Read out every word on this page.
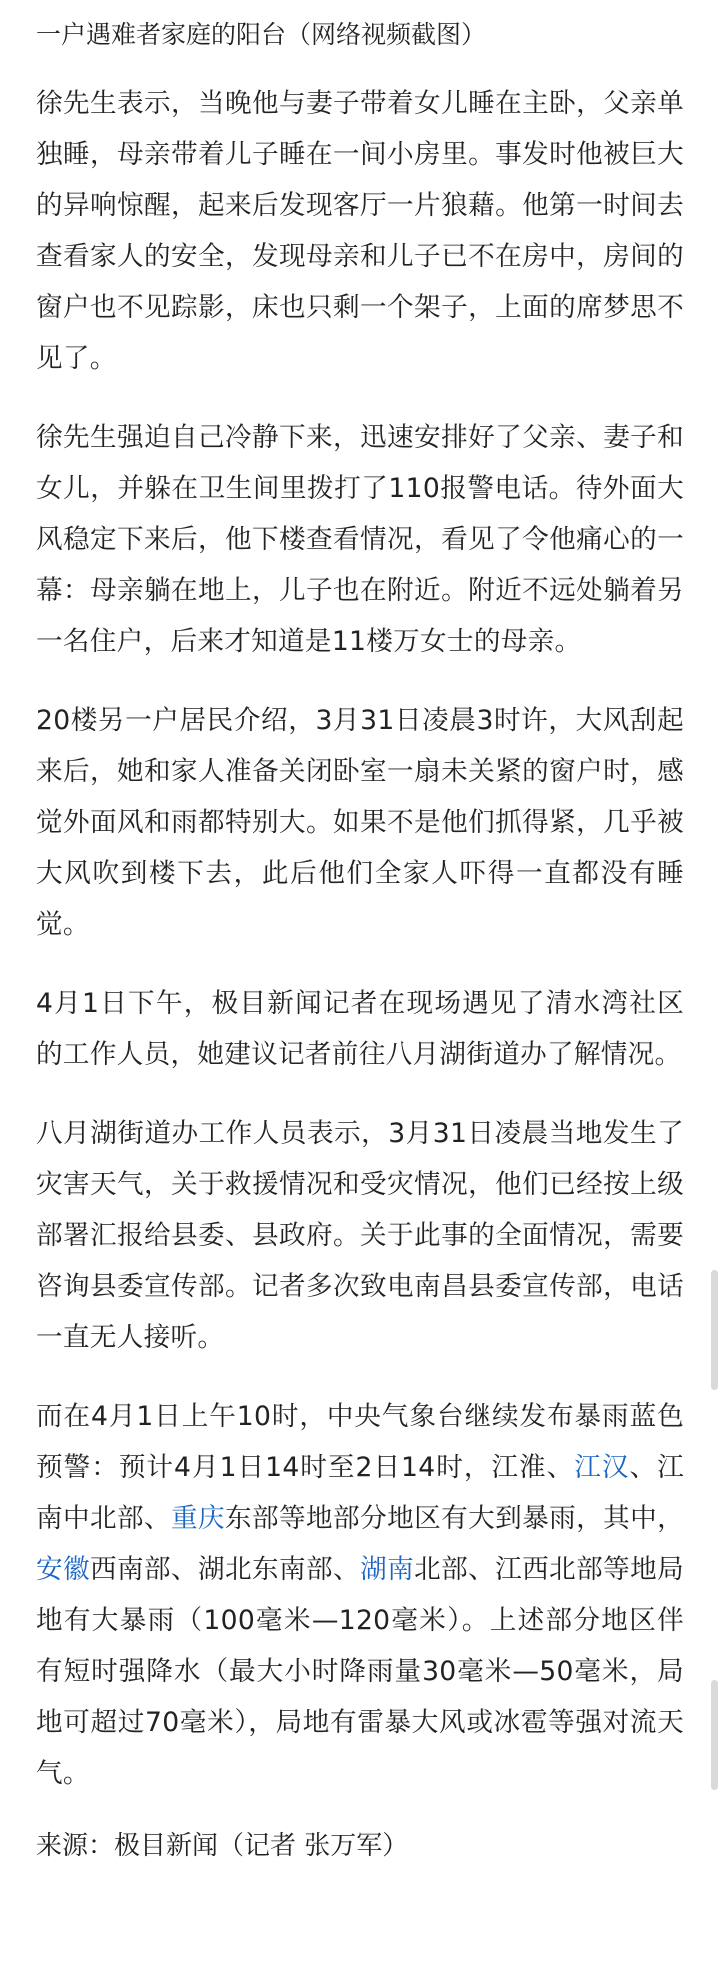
一户遇难者家庭的阳台（网络视频截图）

徐先生表示，当晚他与妻子带着女儿睡在主卧，父亲单独睡，母亲带着儿子睡在一间小房里。事发时他被巨大的异响惊醒，起来后发现客厅一片狼藉。他第一时间去查看家人的安全，发现母亲和儿子已不在房中，房间的窗户也不见踪影，床也只剩一个架子，上面的席梦思不见了。

徐先生强迫自己冷静下来，迅速安排好了父亲、妻子和女儿，并躲在卫生间里拨打了110报警电话。待外面大风稳定下来后，他下楼查看情况，看见了令他痛心的一幕：母亲躺在地上，儿子也在附近。附近不远处躺着另一名住户，后来才知道是11楼万女士的母亲。

20楼另一户居民介绍，3月31日凌晨3时许，大风刮起来后，她和家人准备关闭卧室一扇未关紧的窗户时，感觉外面风和雨都特别大。如果不是他们抓得紧，几乎被大风吹到楼下去，此后他们全家人吓得一直都没有睡觉。

4月1日下午，极目新闻记者在现场遇见了清水湾社区的工作人员，她建议记者前往八月湖街道办了解情况。

八月湖街道办工作人员表示，3月31日凌晨当地发生了灾害天气，关于救援情况和受灾情况，他们已经按上级部署汇报给县委、县政府。关于此事的全面情况，需要咨询县委宣传部。记者多次致电南昌县委宣传部，电话一直无人接听。

而在4月1日上午10时，中央气象台继续发布暴雨蓝色预警：预计4月1日14时至2日14时，江淮、江汉、江南中北部、重庆东部等地部分地区有大到暴雨，其中，安徽西南部、湖北东南部、湖南北部、江西北部等地局地有大暴雨（100毫米—120毫米）。上述部分地区伴有短时强降水（最大小时降雨量30毫米—50毫米，局地可超过70毫米），局地有雷暴大风或冰雹等强对流天气。

来源：极目新闻（记者 张万军）
